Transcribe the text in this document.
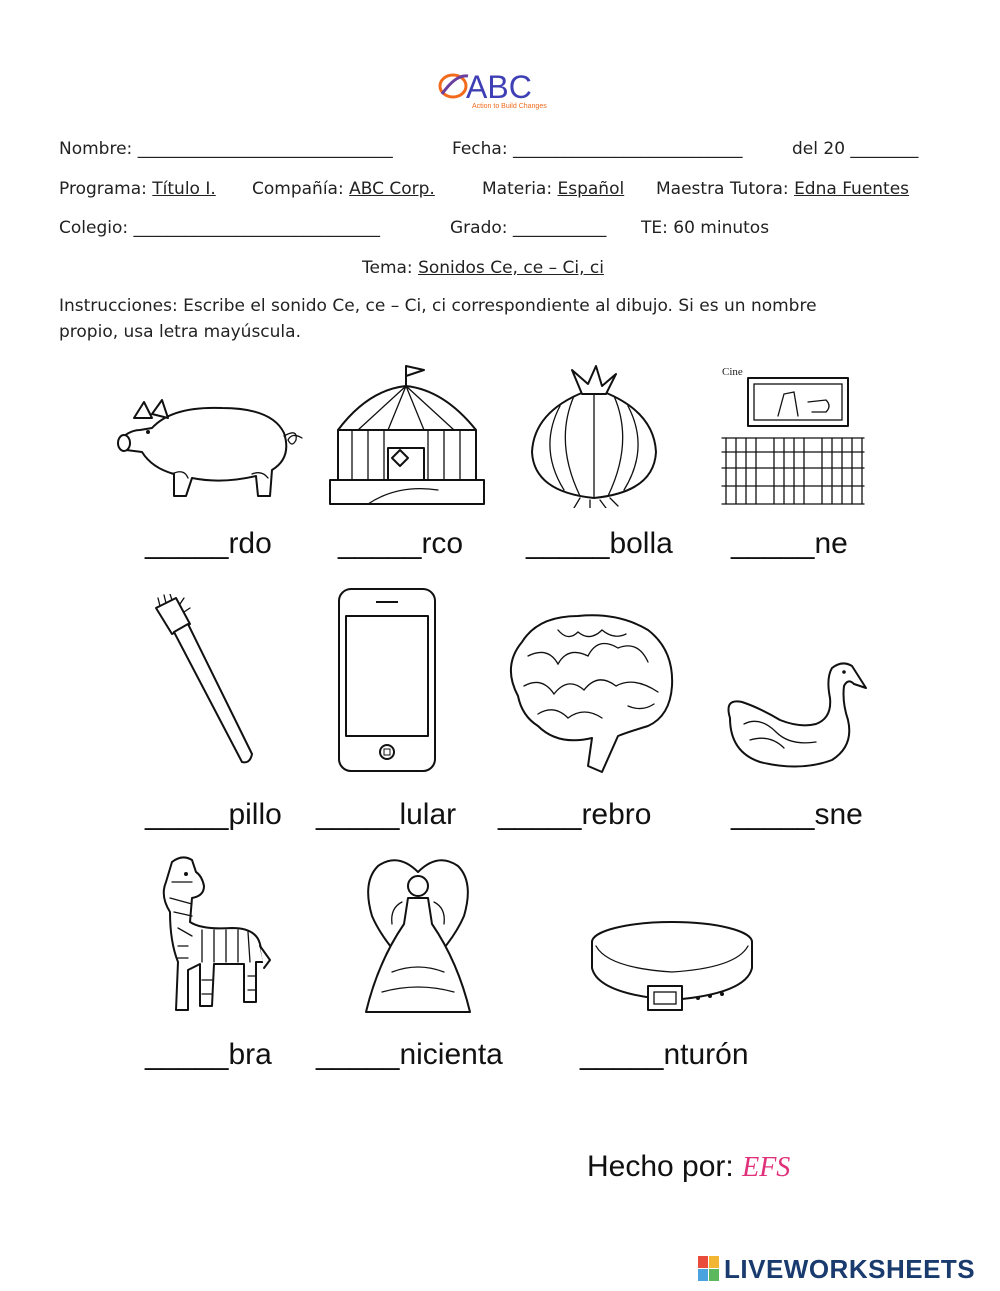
ABC
Action to Build Changes
Nombre: ______________________________	Fecha: ___________________________	del 20 ________
Programa: Título I. Compañía: ABC Corp.	Materia: Español Maestra Tutora: Edna Fuentes
Colegio: _____________________________	Grado: ___________ TE: 60 minutos
Tema: Sonidos Ce, ce – Ci, ci
Instrucciones: Escribe el sonido Ce, ce – Ci, ci correspondiente al dibujo. Si es un nombre
propio, usa letra mayúscula.
Cine
_____rdo _____rco _____bolla _____ne
_____pillo _____lular _____rebro	_____sne
_____bra _____nicienta	_____nturón
Hecho por: EFS
LIVEWORKSHEETS
